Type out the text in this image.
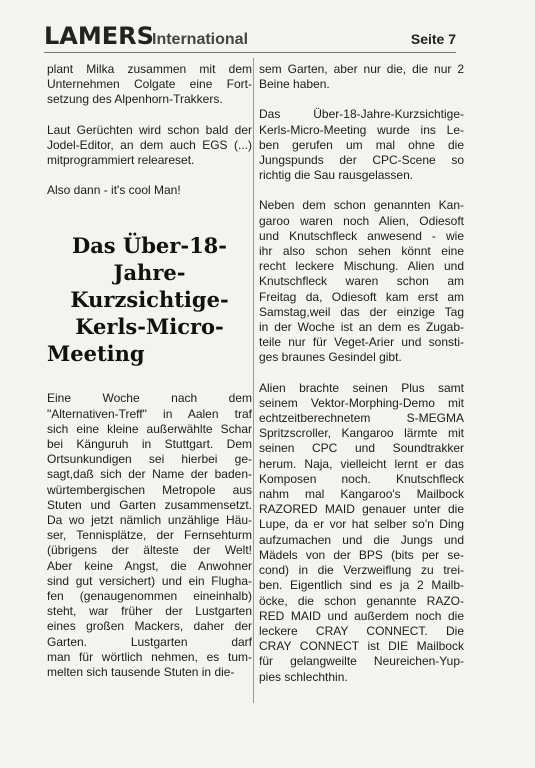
LAMERS
International	Seite 7

plant Milka zusammen mit dem
Unternehmen Colgate eine Fort-
setzung des Alpenhorn-Trakkers.

Laut Gerüchten wird schon bald der
Jodel-Editor, an dem auch EGS (...)
mitprogrammiert releareset.

Also dann - it's cool Man!

Das Über-18-
Jahre-
Kurzsichtige-
Kerls-Micro-
Meeting

Eine Woche nach dem
"Alternativen-Treff" in Aalen traf
sich eine kleine außerwählte Schar
bei Känguruh in Stuttgart. Dem
Ortsunkundigen sei hierbei ge-
sagt,daß sich der Name der baden-
würtembergischen Metropole aus
Stuten und Garten zusammensetzt.
Da wo jetzt nämlich unzählige Häu-
ser, Tennisplätze, der Fernsehturm
(übrigens der älteste der Welt!
Aber keine Angst, die Anwohner
sind gut versichert) und ein Flugha-
fen (genaugenommen eineinhalb)
steht, war früher der Lustgarten
eines großen Mackers, daher der
Garten. Lustgarten darf
man für wörtlich nehmen, es tum-
melten sich tausende Stuten in die-

sem Garten, aber nur die, die nur 2
Beine haben.

Das Über-18-Jahre-Kurzsichtige-
Kerls-Micro-Meeting wurde ins Le-
ben gerufen um mal ohne die
Jungspunds der CPC-Scene so
richtig die Sau rausgelassen.

Neben dem schon genannten Kan-
garoo waren noch Alien, Odiesoft
und Knutschfleck anwesend - wie
ihr also schon sehen könnt eine
recht leckere Mischung. Alien und
Knutschfleck waren schon am
Freitag da, Odiesoft kam erst am
Samstag,weil das der einzige Tag
in der Woche ist an dem es Zugab-
teile nur für Veget-Arier und sonsti-
ges braunes Gesindel gibt.

Alien brachte seinen Plus samt
seinem Vektor-Morphing-Demo mit
echtzeitberechnetem S-MEGMA
Spritzscroller, Kangaroo lärmte mit
seinen CPC und Soundtrakker
herum. Naja, vielleicht lernt er das
Komposen noch. Knutschfleck
nahm mal Kangaroo's Mailbock
RAZORED MAID genauer unter die
Lupe, da er vor hat selber so'n Ding
aufzumachen und die Jungs und
Mädels von der BPS (bits per se-
cond) in die Verzweiflung zu trei-
ben. Eigentlich sind es ja 2 Mailb-
öcke, die schon genannte RAZO-
RED MAID und außerdem noch die
leckere CRAY CONNECT. Die
CRAY CONNECT ist DIE Mailbock
für gelangweilte Neureichen-Yup-
pies schlechthin.
